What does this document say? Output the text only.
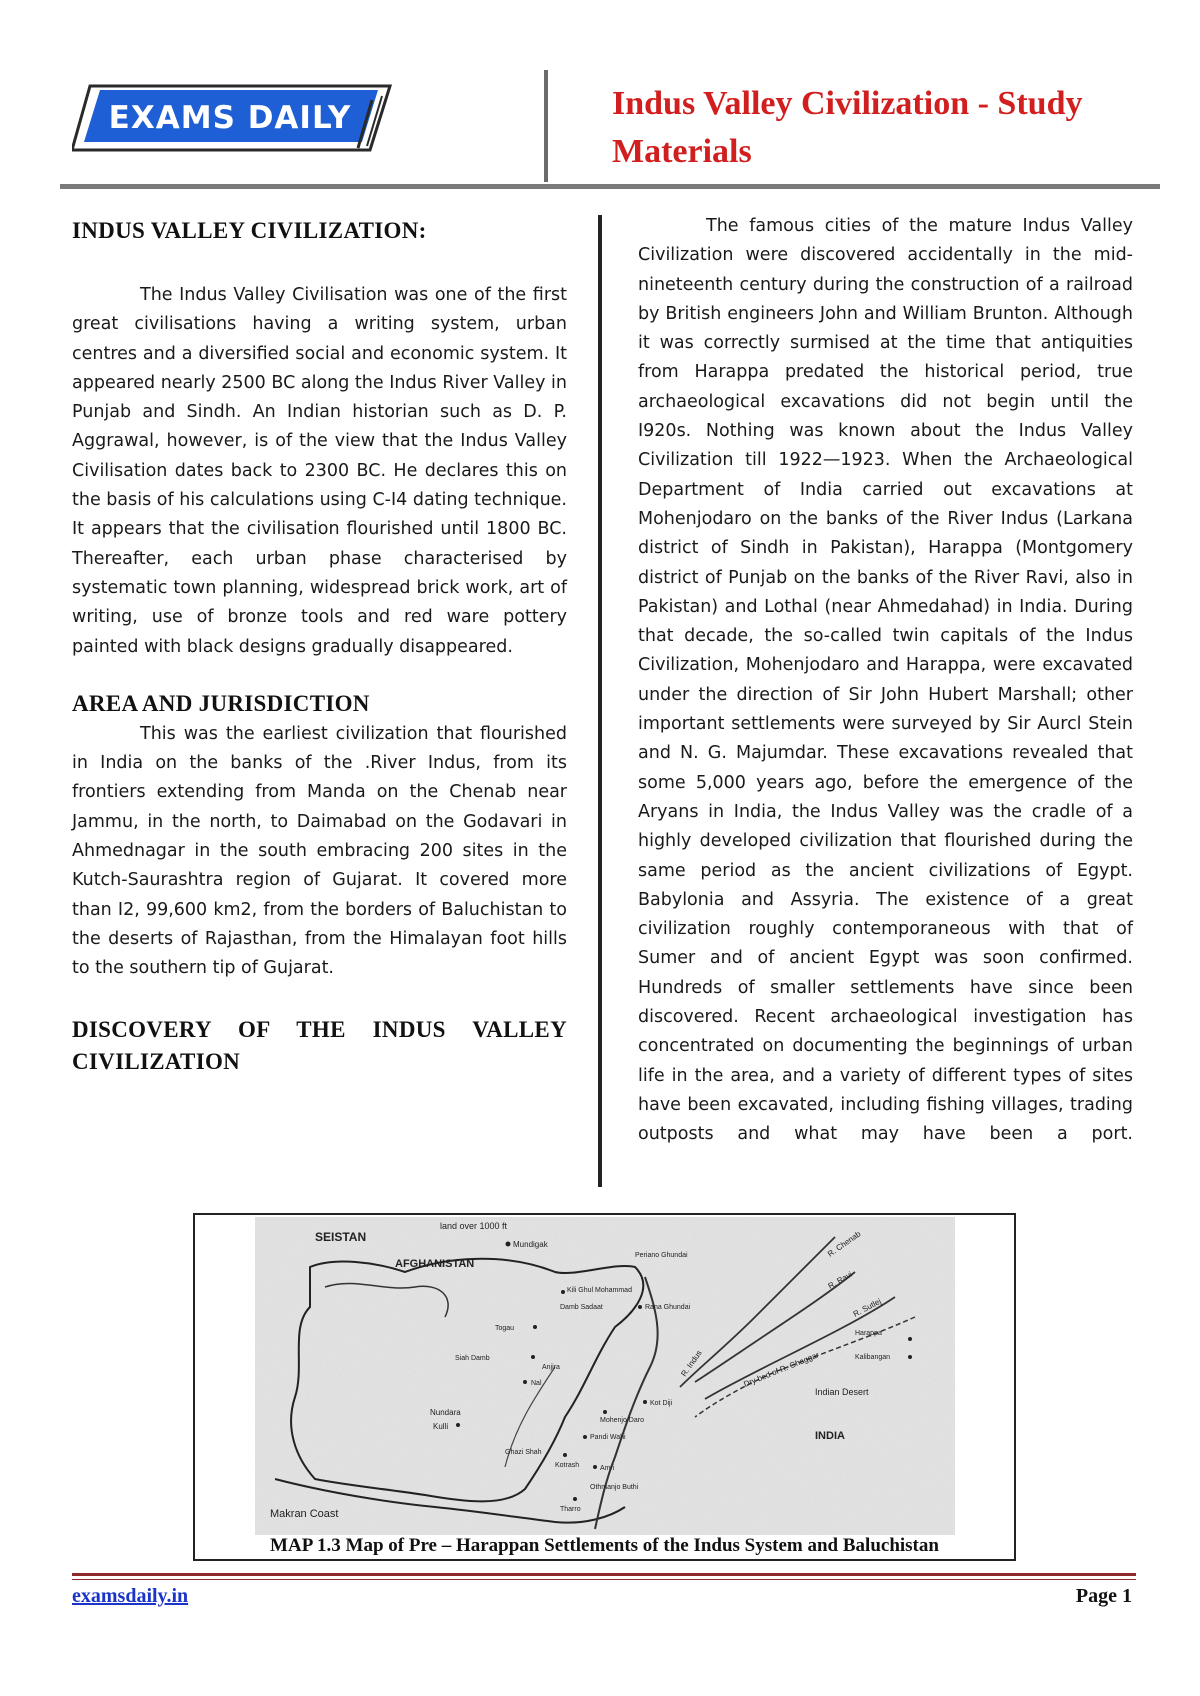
EXAMS DAILY	Indus Valley Civilization - Study Materials
INDUS VALLEY CIVILIZATION:

The Indus Valley Civilisation was one of the first great civilisations having a writing system, urban centres and a diversified social and economic system. It appeared nearly 2500 BC along the Indus River Valley in Punjab and Sindh. An Indian historian such as D. P. Aggrawal, however, is of the view that the Indus Valley Civilisation dates back to 2300 BC. He declares this on the basis of his calculations using C-I4 dating technique. It appears that the civilisation flourished until 1800 BC. Thereafter, each urban phase characterised by systematic town planning, widespread brick work, art of writing, use of bronze tools and red ware pottery painted with black designs gradually disappeared.

AREA AND JURISDICTION

This was the earliest civilization that flourished in India on the banks of the .River Indus, from its frontiers extending from Manda on the Chenab near Jammu, in the north, to Daimabad on the Godavari in Ahmednagar in the south embracing 200 sites in the Kutch-Saurashtra region of Gujarat. It covered more than I2, 99,600 km2, from the borders of Baluchistan to the deserts of Rajasthan, from the Himalayan foot hills to the southern tip of Gujarat.

DISCOVERY OF THE INDUS VALLEY
CIVILIZATION

The famous cities of the mature Indus Valley Civilization were discovered accidentally in the mid-nineteenth century during the construction of a railroad by British engineers John and William Brunton. Although it was correctly surmised at the time that antiquities from Harappa predated the historical period, true archaeological excavations did not begin until the I920s. Nothing was known about the Indus Valley Civilization till 1922—1923. When the Archaeological Department of India carried out excavations at Mohenjodaro on the banks of the River Indus (Larkana district of Sindh in Pakistan), Harappa (Montgomery district of Punjab on the banks of the River Ravi, also in Pakistan) and Lothal (near Ahmedahad) in India. During that decade, the so-called twin capitals of the Indus Civilization, Mohenjodaro and Harappa, were excavated under the direction of Sir John Hubert Marshall; other important settlements were surveyed by Sir Aurcl Stein and N. G. Majumdar. These excavations revealed that some 5,000 years ago, before the emergence of the Aryans in India, the Indus Valley was the cradle of a highly developed civilization that flourished during the same period as the ancient civilizations of Egypt. Babylonia and Assyria. The existence of a great civilization roughly contemporaneous with that of Sumer and of ancient Egypt was soon confirmed. Hundreds of smaller settlements have since been discovered. Recent archaeological investigation has concentrated on documenting the beginnings of urban life in the area, and a variety of different types of sites have been excavated, including fishing villages, trading outposts and what may have been a port.

land over 1000 ft
SEISTAN
AFGHANISTAN
Makran Coast
Indian Desert
INDIA
R. Chenab
R. Ravi
R. Sutlej
R. Indus	Dry bed of R. Ghaggar
Mundigak
Periano Ghundai
Kili Ghul Mohammad
Damb Sadaat	Rana Ghundai
Togau
Siah Damb
Anjira
Nal
Harappa
Kalibangan
Kot Diji
Mohenjo Daro
Nundara
Kulli
Pandi Wahi
Ghazi Shah
Kotrash	Amri
Othmanjo Buthi
Tharro
MAP 1.3 Map of Pre – Harappan Settlements of the Indus System and Baluchistan
examsdaily.in	Page 1
